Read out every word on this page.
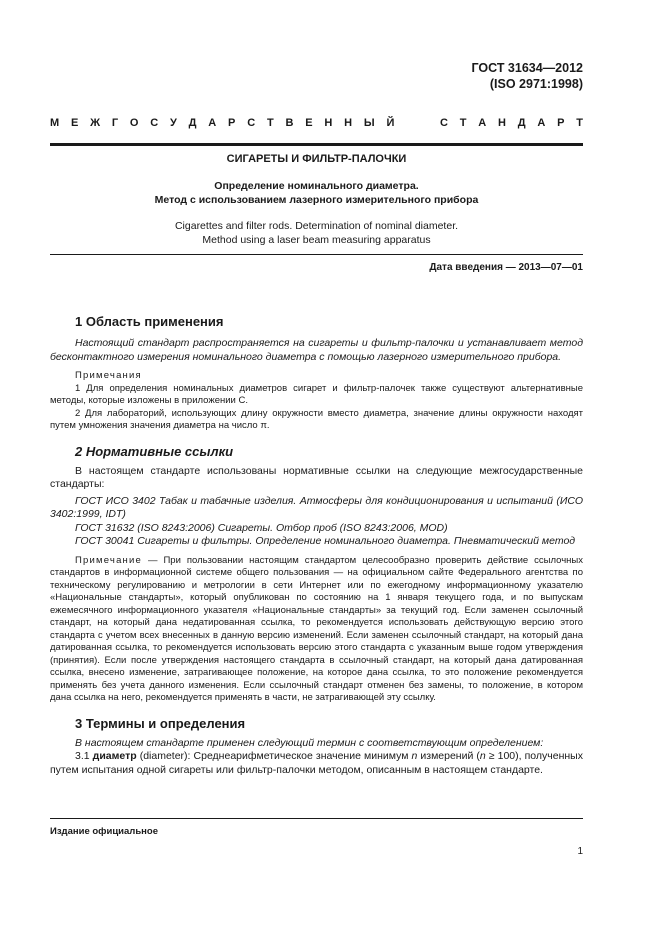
ГОСТ 31634—2012
(ISO 2971:1998)
М Е Ж Г О С У Д А Р С Т В Е Н Н Ы Й	С Т А Н Д А Р Т
СИГАРЕТЫ И ФИЛЬТР-ПАЛОЧКИ
Определение номинального диаметра.
Метод с использованием лазерного измерительного прибора
Cigarettes and filter rods. Determination of nominal diameter.
Method using a laser beam measuring apparatus
Дата введения — 2013—07—01
1 Область применения

Настоящий стандарт распространяется на сигареты и фильтр-палочки и устанавливает метод бесконтактного измерения номинального диаметра с помощью лазерного измерительного прибора.

Примечания

1 Для определения номинальных диаметров сигарет и фильтр-палочек также существуют альтернативные методы, которые изложены в приложении С.

2 Для лабораторий, использующих длину окружности вместо диаметра, значение длины окружности находят путем умножения значения диаметра на число π.

2 Нормативные ссылки

В настоящем стандарте использованы нормативные ссылки на следующие межгосударственные стандарты:

ГОСТ ИСО 3402 Табак и табачные изделия. Атмосферы для кондиционирования и испытаний (ИСО 3402:1999, IDT)

ГОСТ 31632 (ISO 8243:2006) Сигареты. Отбор проб (ISO 8243:2006, MOD)

ГОСТ 30041 Сигареты и фильтры. Определение номинального диаметра. Пневматический метод

Примечание — При пользовании настоящим стандартом целесообразно проверить действие ссылочных стандартов в информационной системе общего пользования — на официальном сайте Федерального агентства по техническому регулированию и метрологии в сети Интернет или по ежегодному информационному указателю «Национальные стандарты», который опубликован по состоянию на 1 января текущего года, и по выпускам ежемесячного информационного указателя «Национальные стандарты» за текущий год. Если заменен ссылочный стандарт, на который дана недатированная ссылка, то рекомендуется использовать действующую версию этого стандарта с учетом всех внесенных в данную версию изменений. Если заменен ссылочный стандарт, на который дана датированная ссылка, то рекомендуется использовать версию этого стандарта с указанным выше годом утверждения (принятия). Если после утверждения настоящего стандарта в ссылочный стандарт, на который дана датированная ссылка, внесено изменение, затрагивающее положение, на которое дана ссылка, то это положение рекомендуется применять без учета данного изменения. Если ссылочный стандарт отменен без замены, то положение, в котором дана ссылка на него, рекомендуется применять в части, не затрагивающей эту ссылку.

3 Термины и определения

В настоящем стандарте применен следующий термин с соответствующим определением:

3.1 диаметр (diameter): Среднеарифметическое значение минимум n измерений (n ≥ 100), полученных путем испытания одной сигареты или фильтр-палочки методом, описанным в настоящем стандарте.

Издание официальное
1
